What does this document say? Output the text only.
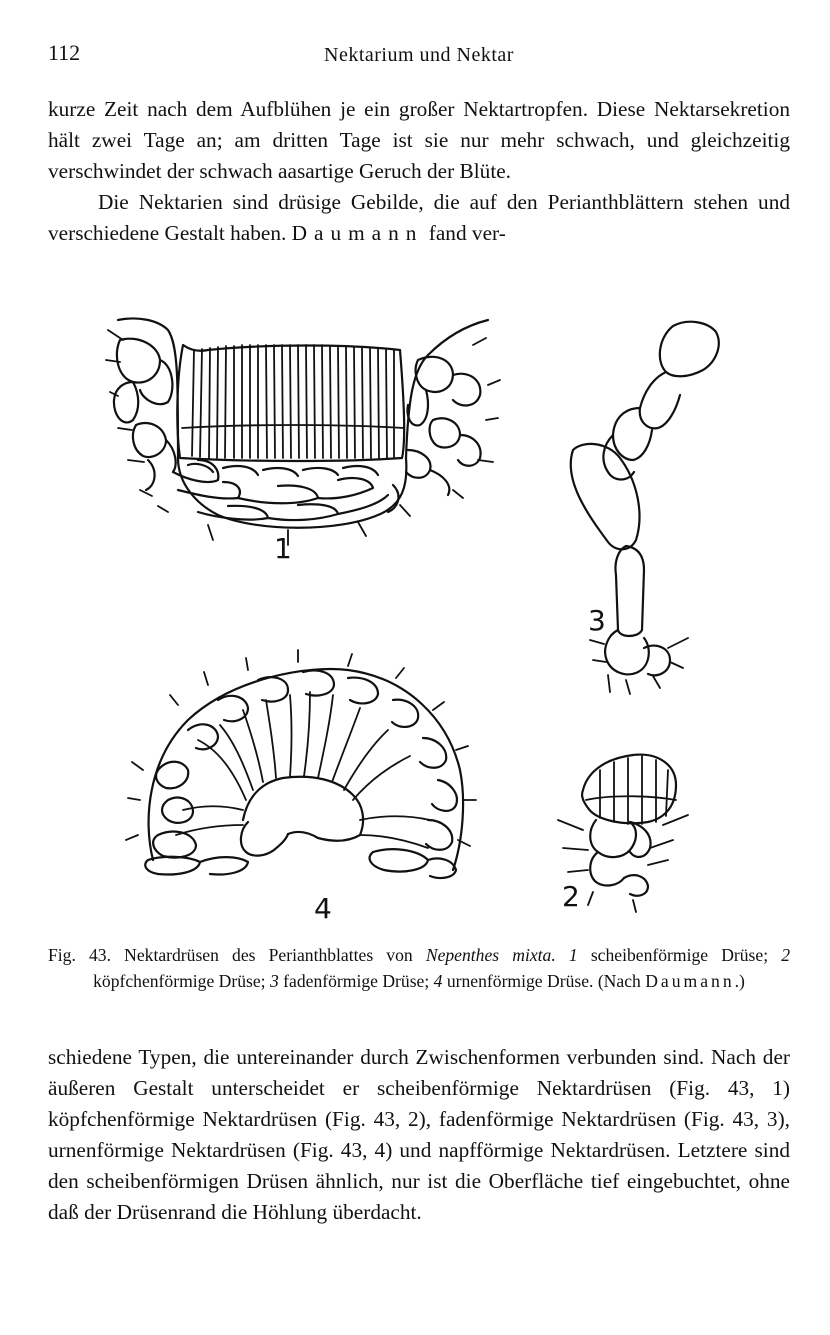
112	Nektarium und Nektar
kurze Zeit nach dem Aufblühen je ein großer Nektartropfen. Diese Nektarsekretion hält zwei Tage an; am dritten Tage ist sie nur mehr schwach, und gleichzeitig verschwindet der schwach aasartige Geruch der Blüte.
Die Nektarien sind drüsige Gebilde, die auf den Perianthblättern stehen und verschiedene Gestalt haben. Daumann fand ver-
1
3
4	2
Fig. 43. Nektardrüsen des Perianthblattes von Nepenthes mixta. 1 scheibenförmige Drüse; 2 köpfchenförmige Drüse; 3 fadenförmige Drüse; 4 urnenförmige Drüse. (Nach Daumann.)
schiedene Typen, die untereinander durch Zwischenformen verbunden sind. Nach der äußeren Gestalt unterscheidet er scheibenförmige Nektardrüsen (Fig. 43, 1) köpfchenförmige Nektardrüsen (Fig. 43, 2), fadenförmige Nektardrüsen (Fig. 43, 3), urnenförmige Nektardrüsen (Fig. 43, 4) und napfförmige Nektardrüsen. Letztere sind den scheibenförmigen Drüsen ähnlich, nur ist die Oberfläche tief eingebuchtet, ohne daß der Drüsenrand die Höhlung überdacht.
